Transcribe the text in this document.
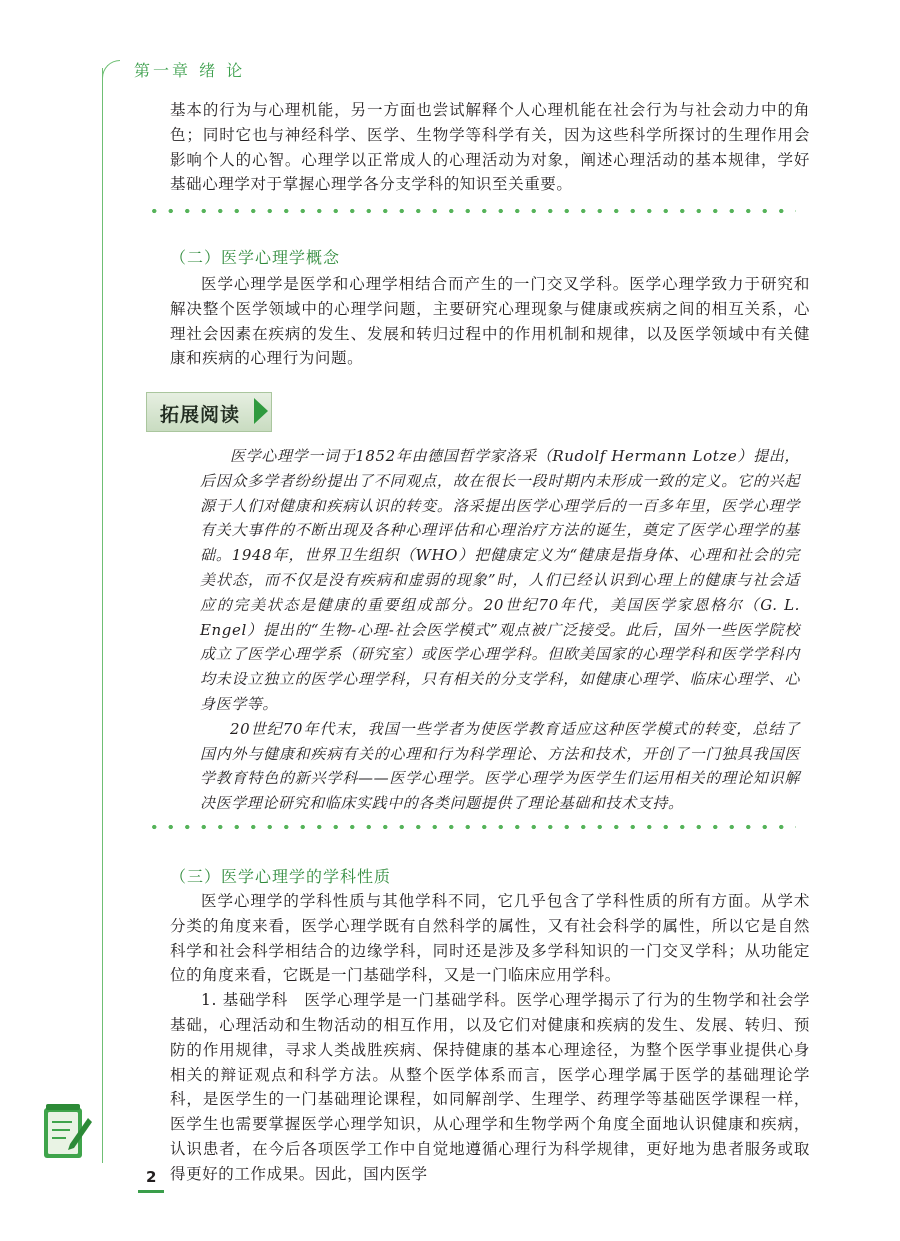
第一章 绪 论

基本的行为与心理机能，另一方面也尝试解释个人心理机能在社会行为与社会动力中的角色；同时它也与神经科学、医学、生物学等科学有关，因为这些科学所探讨的生理作用会影响个人的心智。心理学以正常成人的心理活动为对象，阐述心理活动的基本规律，学好基础心理学对于掌握心理学各分支学科的知识至关重要。

（二）医学心理学概念

医学心理学是医学和心理学相结合而产生的一门交叉学科。医学心理学致力于研究和解决整个医学领域中的心理学问题，主要研究心理现象与健康或疾病之间的相互关系，心理社会因素在疾病的发生、发展和转归过程中的作用机制和规律，以及医学领域中有关健康和疾病的心理行为问题。

拓展阅读

医学心理学一词于1852年由德国哲学家洛采（Rudolf Hermann Lotze）提出，后因众多学者纷纷提出了不同观点，故在很长一段时期内未形成一致的定义。它的兴起源于人们对健康和疾病认识的转变。洛采提出医学心理学后的一百多年里，医学心理学有关大事件的不断出现及各种心理评估和心理治疗方法的诞生，奠定了医学心理学的基础。1948年，世界卫生组织（WHO）把健康定义为“健康是指身体、心理和社会的完美状态，而不仅是没有疾病和虚弱的现象”时，人们已经认识到心理上的健康与社会适应的完美状态是健康的重要组成部分。20世纪70年代，美国医学家恩格尔（G. L. Engel）提出的“生物-心理-社会医学模式”观点被广泛接受。此后，国外一些医学院校成立了医学心理学系（研究室）或医学心理学科。但欧美国家的心理学科和医学学科内均未设立独立的医学心理学科，只有相关的分支学科，如健康心理学、临床心理学、心身医学等。

20世纪70年代末，我国一些学者为使医学教育适应这种医学模式的转变，总结了国内外与健康和疾病有关的心理和行为科学理论、方法和技术，开创了一门独具我国医学教育特色的新兴学科——医学心理学。医学心理学为医学生们运用相关的理论知识解决医学理论研究和临床实践中的各类问题提供了理论基础和技术支持。

（三）医学心理学的学科性质

医学心理学的学科性质与其他学科不同，它几乎包含了学科性质的所有方面。从学术分类的角度来看，医学心理学既有自然科学的属性，又有社会科学的属性，所以它是自然科学和社会科学相结合的边缘学科，同时还是涉及多学科知识的一门交叉学科；从功能定位的角度来看，它既是一门基础学科，又是一门临床应用学科。

1. 基础学科　医学心理学是一门基础学科。医学心理学揭示了行为的生物学和社会学基础，心理活动和生物活动的相互作用，以及它们对健康和疾病的发生、发展、转归、预防的作用规律，寻求人类战胜疾病、保持健康的基本心理途径，为整个医学事业提供心身相关的辩证观点和科学方法。从整个医学体系而言，医学心理学属于医学的基础理论学科，是医学生的一门基础理论课程，如同解剖学、生理学、药理学等基础医学课程一样，医学生也需要掌握医学心理学知识，从心理学和生物学两个角度全面地认识健康和疾病，认识患者，在今后各项医学工作中自觉地遵循心理行为科学规律，更好地为患者服务或取得更好的工作成果。因此，国内医学

2
